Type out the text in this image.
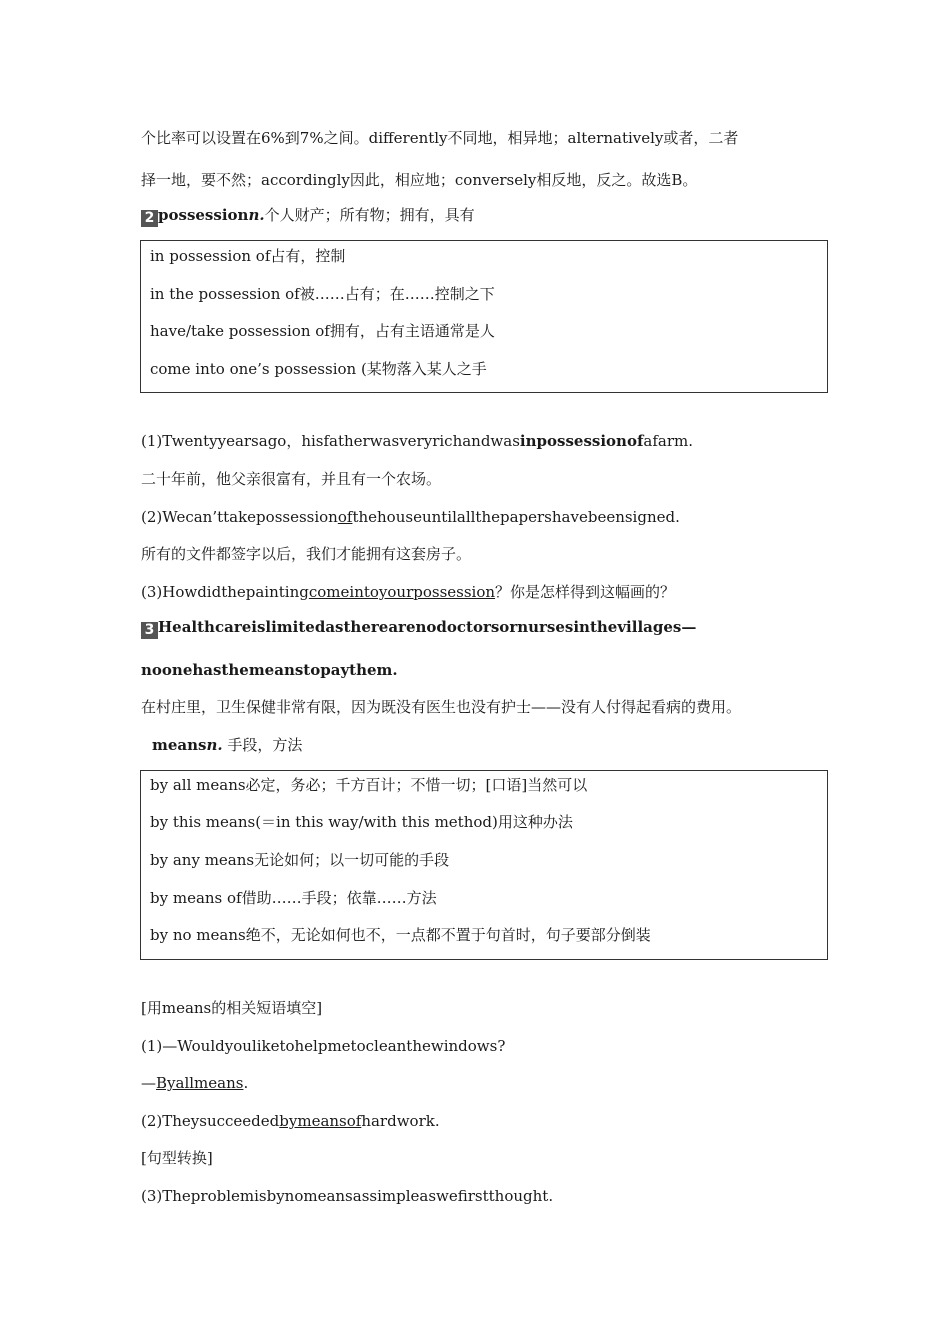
个比率可以设置在6%到7%之间。differently不同地，相异地；alternatively或者，二者
择一地，要不然；accordingly因此，相应地；conversely相反地，反之。故选B。
2 possessionn.个人财产；所有物；拥有，具有
in possession of占有，控制
in the possession of被……占有；在……控制之下
have/take possession of拥有，占有主语通常是人
come into one’s possession (某物落入某人之手
(1)Twentyyearsago，hisfatherwasveryrichandwasinpossessionofafarm.
二十年前，他父亲很富有，并且有一个农场。
(2)Wecan’ttakepossessionofthehouseuntilallthepapershavebeensigned.
所有的文件都签字以后，我们才能拥有这套房子。
(3)Howdidthepaintingcomeintoyourpossession？你是怎样得到这幅画的？
3 Healthcareislimitedastherearenodoctorsornursesinthevillages—
noonehasthemeanstopaythem.
在村庄里，卫生保健非常有限，因为既没有医生也没有护士——没有人付得起看病的费用。
meansn. 手段，方法
by all means必定，务必；千方百计；不惜一切；[口语]当然可以
by this means(＝in this way/with this method)用这种办法
by any means无论如何；以一切可能的手段
by means of借助……手段；依靠……方法
by no means绝不，无论如何也不，一点都不置于句首时，句子要部分倒装
[用means的相关短语填空]
(1)—Wouldyouliketohelpmetocleanthewindows?
—Byallmeans.
(2)Theysucceededbymeansofhardwork.
[句型转换]
(3)Theproblemisbynomeansassimpleaswefirstthought.
